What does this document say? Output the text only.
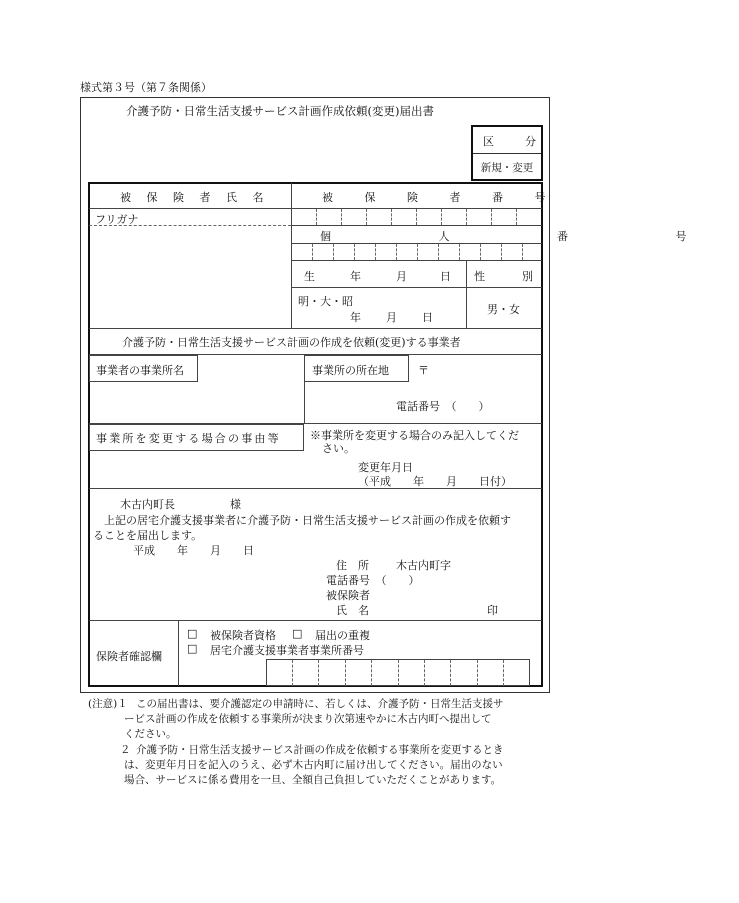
様式第３号（第７条関係）
介護予防・日常生活支援サービス計画作成依頼(変更)届出書
区	分
新規・変更
被 保 険 者 氏 名	被 保 険 者 番 号
フリガナ
個 人 番 号
生	年	月	日 性	別
明・大・昭
年 月 日
男・女
介護予防・日常生活支援サービス計画の作成を依頼(変更)する事業者
事業者の事業所名	事業所の所在地	〒
電話番号　（　　）
事業所を変更する場合の事由等	※事業所を変更する場合のみ記入してくだ
さい。
変更年月日
（平成　　年　　月　　日付）
木古内町長　　　　　様
上記の居宅介護支援事業者に介護予防・日常生活支援サービス計画の作成を依頼す
ることを届出します。
平成　　年　　月　　日
住　所 木古内町字
電話番号　（　　）
被保険者
氏　名	印
保険者確認欄
□ 被保険者資格 □ 届出の重複
□ 居宅介護支援事業者事業所番号
(注意)１ この届出書は、要介護認定の申請時に、若しくは、介護予防・日常生活支援サ
ービス計画の作成を依頼する事業所が決まり次第速やかに木古内町へ提出して
ください。
２ 介護予防・日常生活支援サービス計画の作成を依頼する事業所を変更するとき
は、変更年月日を記入のうえ、必ず木古内町に届け出してください。届出のない
場合、サービスに係る費用を一旦、全額自己負担していただくことがあります。
